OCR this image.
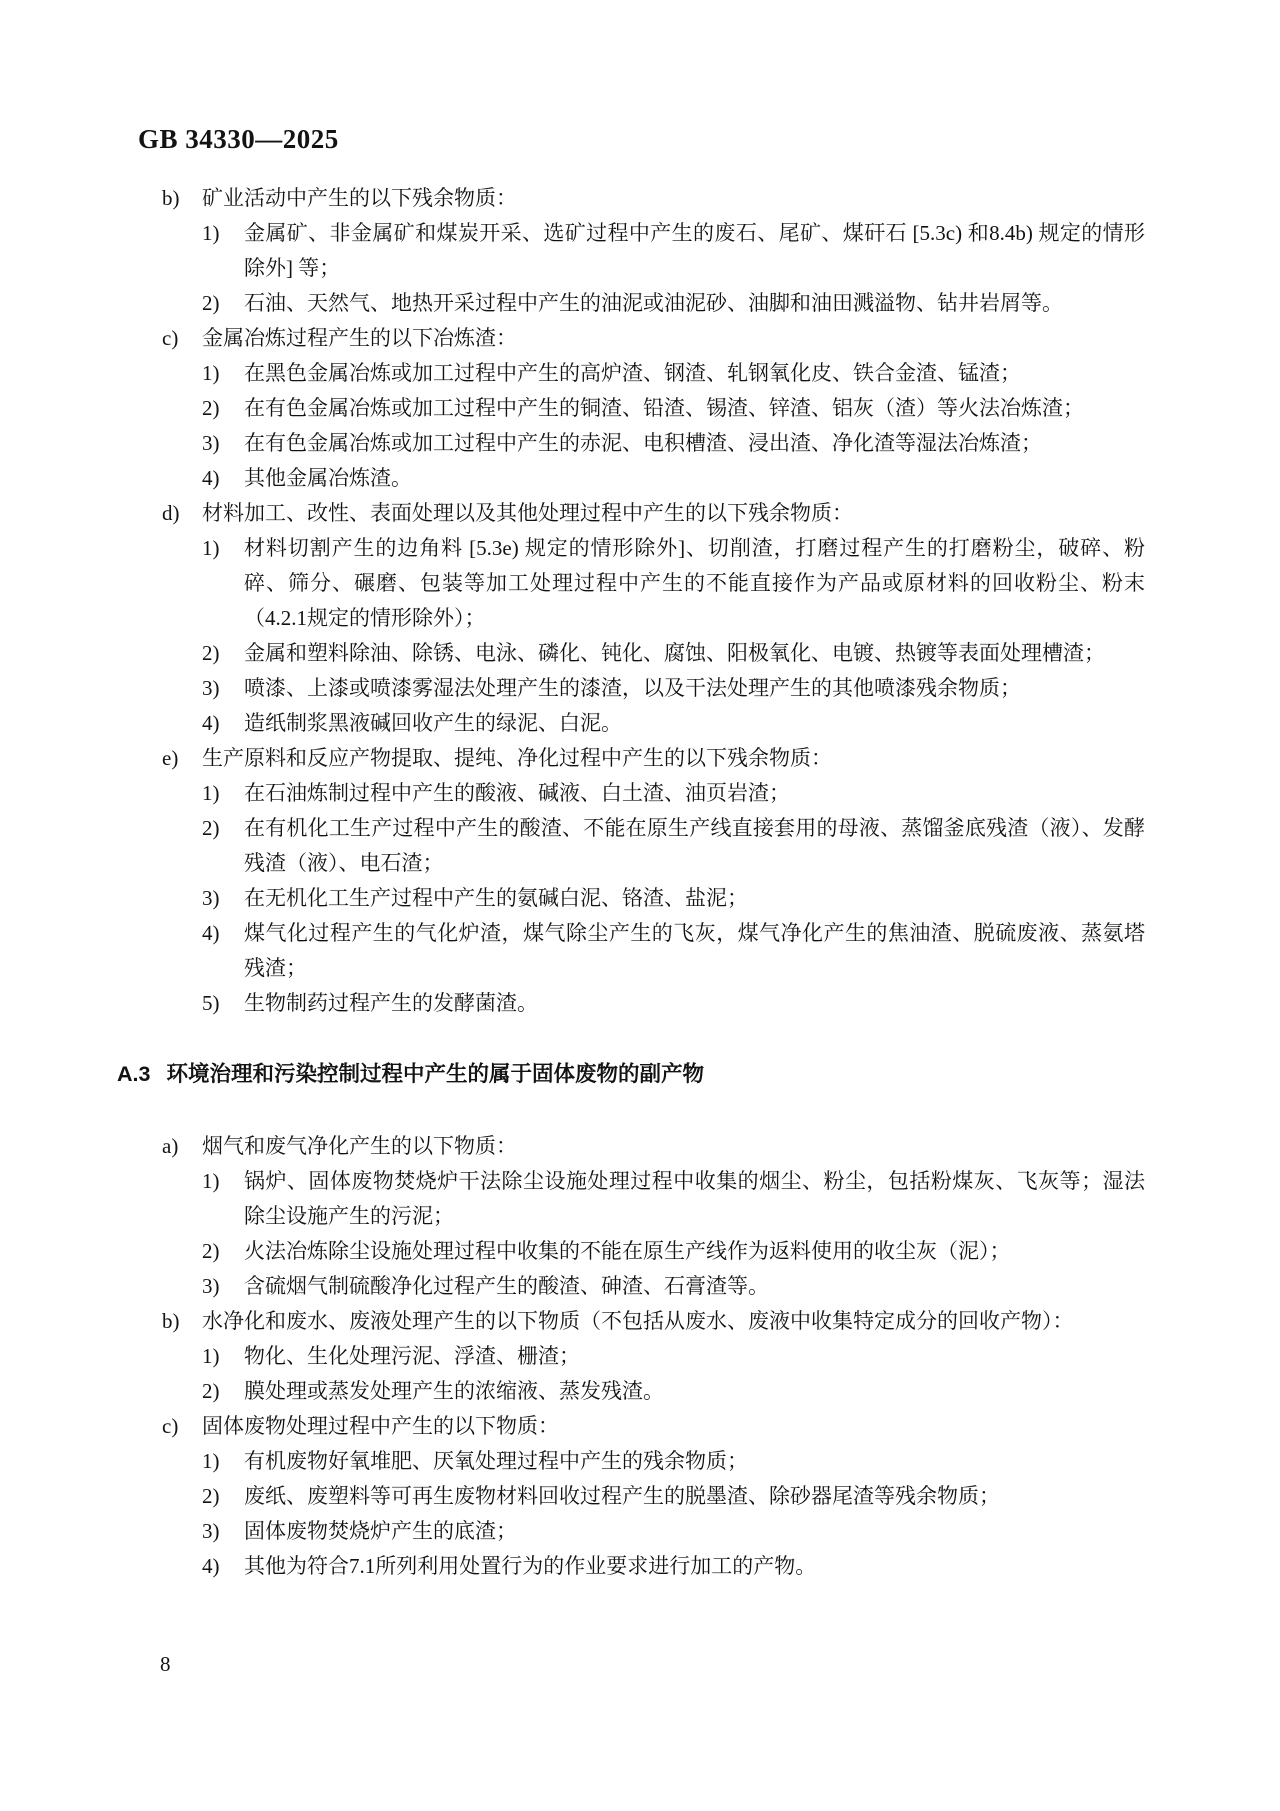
GB 34330—2025
b)	矿业活动中产生的以下残余物质：
1)	金属矿、非金属矿和煤炭开采、选矿过程中产生的废石、尾矿、煤矸石 [5.3c) 和8.4b) 规定的情形除外] 等；
2)	石油、天然气、地热开采过程中产生的油泥或油泥砂、油脚和油田溅溢物、钻井岩屑等。
c)	金属冶炼过程产生的以下冶炼渣：
1)	在黑色金属冶炼或加工过程中产生的高炉渣、钢渣、轧钢氧化皮、铁合金渣、锰渣；
2)	在有色金属冶炼或加工过程中产生的铜渣、铅渣、锡渣、锌渣、铝灰（渣）等火法冶炼渣；
3)	在有色金属冶炼或加工过程中产生的赤泥、电积槽渣、浸出渣、净化渣等湿法冶炼渣；
4)	其他金属冶炼渣。
d)	材料加工、改性、表面处理以及其他处理过程中产生的以下残余物质：
1)	材料切割产生的边角料 [5.3e) 规定的情形除外]、切削渣，打磨过程产生的打磨粉尘，破碎、粉碎、筛分、碾磨、包装等加工处理过程中产生的不能直接作为产品或原材料的回收粉尘、粉末（4.2.1规定的情形除外）；
2)	金属和塑料除油、除锈、电泳、磷化、钝化、腐蚀、阳极氧化、电镀、热镀等表面处理槽渣；
3)	喷漆、上漆或喷漆雾湿法处理产生的漆渣，以及干法处理产生的其他喷漆残余物质；
4)	造纸制浆黑液碱回收产生的绿泥、白泥。
e)	生产原料和反应产物提取、提纯、净化过程中产生的以下残余物质：
1)	在石油炼制过程中产生的酸液、碱液、白土渣、油页岩渣；
2)	在有机化工生产过程中产生的酸渣、不能在原生产线直接套用的母液、蒸馏釜底残渣（液）、发酵残渣（液）、电石渣；
3)	在无机化工生产过程中产生的氨碱白泥、铬渣、盐泥；
4)	煤气化过程产生的气化炉渣，煤气除尘产生的飞灰，煤气净化产生的焦油渣、脱硫废液、蒸氨塔残渣；
5)	生物制药过程产生的发酵菌渣。
A.3 环境治理和污染控制过程中产生的属于固体废物的副产物
a)	烟气和废气净化产生的以下物质：
1)	锅炉、固体废物焚烧炉干法除尘设施处理过程中收集的烟尘、粉尘，包括粉煤灰、飞灰等；湿法除尘设施产生的污泥；
2)	火法冶炼除尘设施处理过程中收集的不能在原生产线作为返料使用的收尘灰（泥）；
3)	含硫烟气制硫酸净化过程产生的酸渣、砷渣、石膏渣等。
b)	水净化和废水、废液处理产生的以下物质（不包括从废水、废液中收集特定成分的回收产物）：
1)	物化、生化处理污泥、浮渣、栅渣；
2)	膜处理或蒸发处理产生的浓缩液、蒸发残渣。
c)	固体废物处理过程中产生的以下物质：
1)	有机废物好氧堆肥、厌氧处理过程中产生的残余物质；
2)	废纸、废塑料等可再生废物材料回收过程产生的脱墨渣、除砂器尾渣等残余物质；
3)	固体废物焚烧炉产生的底渣；
4)	其他为符合7.1所列利用处置行为的作业要求进行加工的产物。
8
